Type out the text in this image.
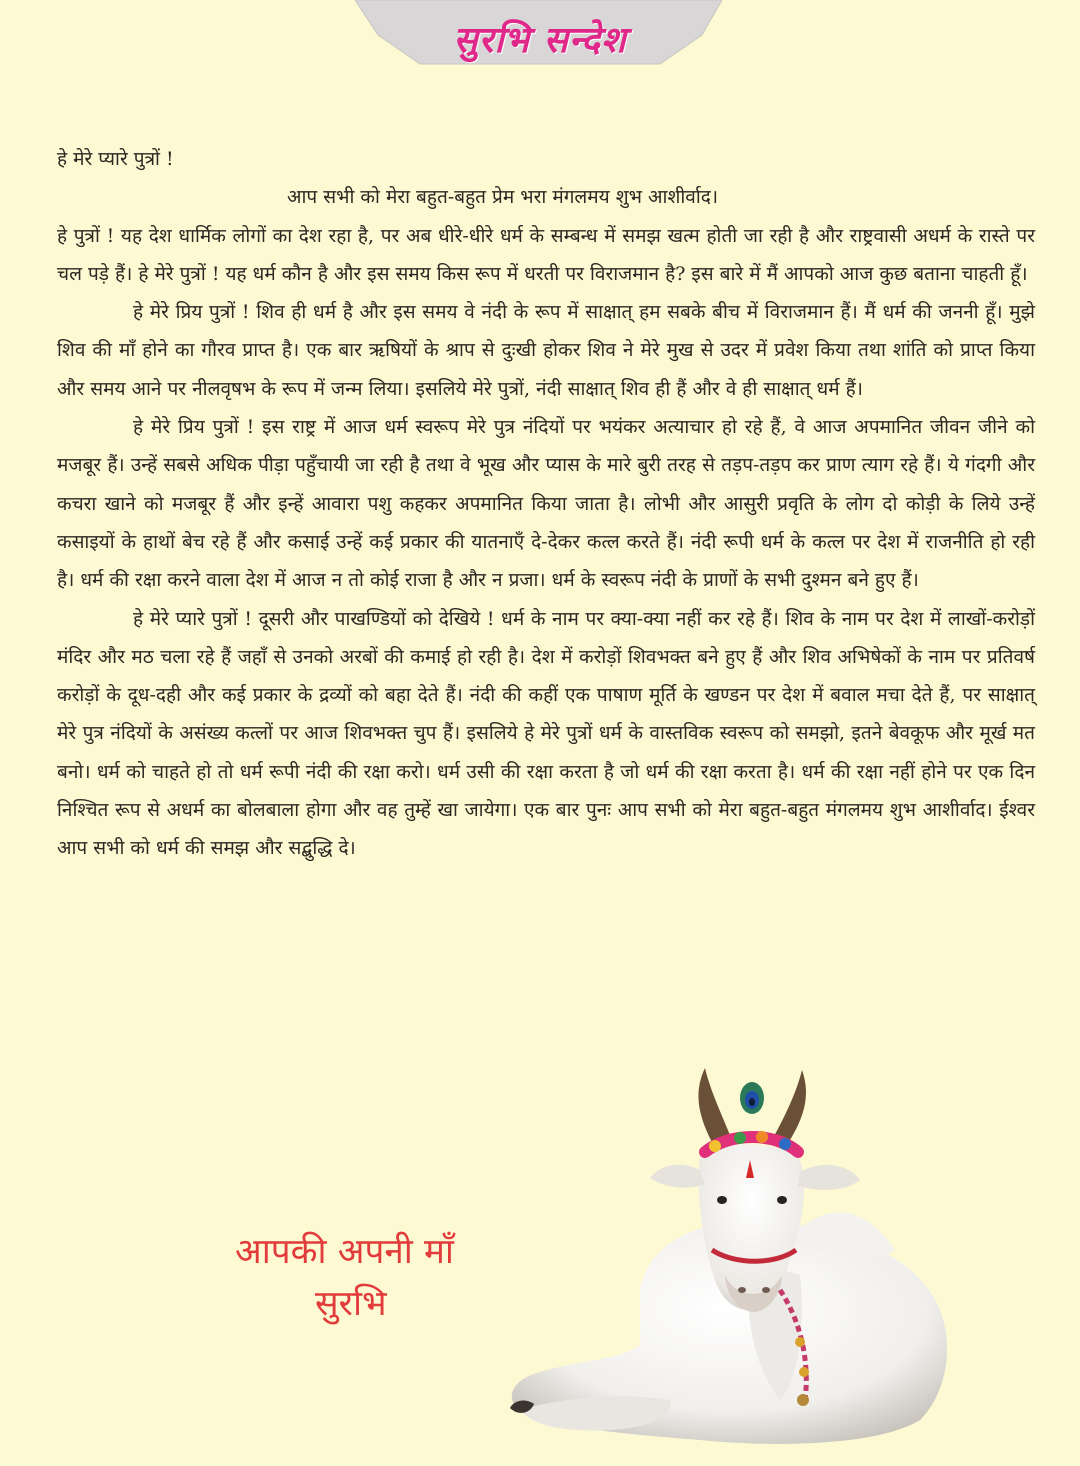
सुरभि सन्देश
हे मेरे प्यारे पुत्रों !
आप सभी को मेरा बहुत-बहुत प्रेम भरा मंगलमय शुभ आशीर्वाद।
हे पुत्रों ! यह देश धार्मिक लोगों का देश रहा है, पर अब धीरे-धीरे धर्म के सम्बन्ध में समझ खत्म होती जा रही है और राष्ट्रवासी अधर्म के रास्ते पर चल पड़े हैं। हे मेरे पुत्रों ! यह धर्म कौन है और इस समय किस रूप में धरती पर विराजमान है? इस बारे में मैं आपको आज कुछ बताना चाहती हूँ।
हे मेरे प्रिय पुत्रों ! शिव ही धर्म है और इस समय वे नंदी के रूप में साक्षात् हम सबके बीच में विराजमान हैं। मैं धर्म की जननी हूँ। मुझे शिव की माँ होने का गौरव प्राप्त है। एक बार ऋषियों के श्राप से दुःखी होकर शिव ने मेरे मुख से उदर में प्रवेश किया तथा शांति को प्राप्त किया और समय आने पर नीलवृषभ के रूप में जन्म लिया। इसलिये मेरे पुत्रों, नंदी साक्षात् शिव ही हैं और वे ही साक्षात् धर्म हैं।
हे मेरे प्रिय पुत्रों ! इस राष्ट्र में आज धर्म स्वरूप मेरे पुत्र नंदियों पर भयंकर अत्याचार हो रहे हैं, वे आज अपमानित जीवन जीने को मजबूर हैं। उन्हें सबसे अधिक पीड़ा पहुँचायी जा रही है तथा वे भूख और प्यास के मारे बुरी तरह से तड़प-तड़प कर प्राण त्याग रहे हैं। ये गंदगी और कचरा खाने को मजबूर हैं और इन्हें आवारा पशु कहकर अपमानित किया जाता है। लोभी और आसुरी प्रवृति के लोग दो कोड़ी के लिये उन्हें कसाइयों के हाथों बेच रहे हैं और कसाई उन्हें कई प्रकार की यातनाएँ दे-देकर कत्ल करते हैं। नंदी रूपी धर्म के कत्ल पर देश में राजनीति हो रही है। धर्म की रक्षा करने वाला देश में आज न तो कोई राजा है और न प्रजा। धर्म के स्वरूप नंदी के प्राणों के सभी दुश्मन बने हुए हैं।
हे मेरे प्यारे पुत्रों ! दूसरी और पाखण्डियों को देखिये ! धर्म के नाम पर क्या-क्या नहीं कर रहे हैं। शिव के नाम पर देश में लाखों-करोड़ों मंदिर और मठ चला रहे हैं जहाँ से उनको अरबों की कमाई हो रही है। देश में करोड़ों शिवभक्त बने हुए हैं और शिव अभिषेकों के नाम पर प्रतिवर्ष करोड़ों के दूध-दही और कई प्रकार के द्रव्यों को बहा देते हैं। नंदी की कहीं एक पाषाण मूर्ति के खण्डन पर देश में बवाल मचा देते हैं, पर साक्षात् मेरे पुत्र नंदियों के असंख्य कत्लों पर आज शिवभक्त चुप हैं। इसलिये हे मेरे पुत्रों धर्म के वास्तविक स्वरूप को समझो, इतने बेवकूफ और मूर्ख मत बनो। धर्म को चाहते हो तो धर्म रूपी नंदी की रक्षा करो। धर्म उसी की रक्षा करता है जो धर्म की रक्षा करता है। धर्म की रक्षा नहीं होने पर एक दिन निश्चित रूप से अधर्म का बोलबाला होगा और वह तुम्हें खा जायेगा। एक बार पुनः आप सभी को मेरा बहुत-बहुत मंगलमय शुभ आशीर्वाद। ईश्वर आप सभी को धर्म की समझ और सद्बुद्धि दे।
आपकी अपनी माँ
सुरभि
